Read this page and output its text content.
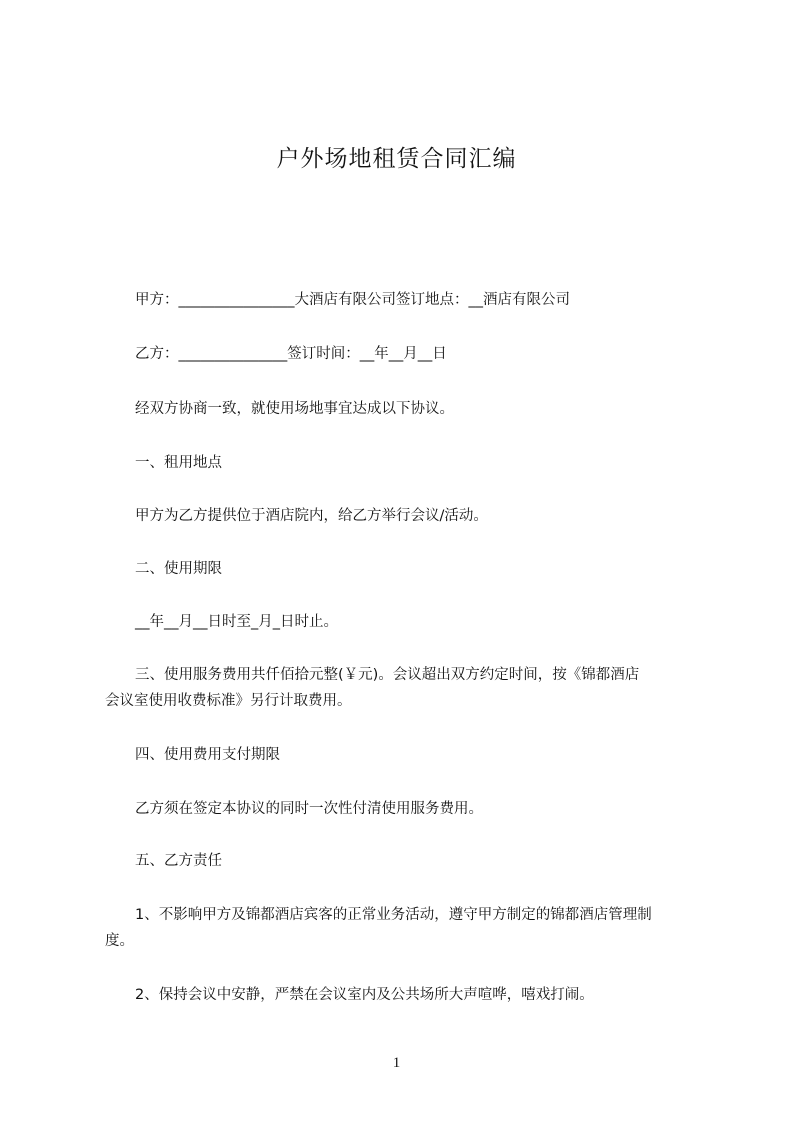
户外场地租赁合同汇编
甲方：________________大酒店有限公司签订地点：__酒店有限公司
乙方：_______________签订时间：__年__月__日
经双方协商一致，就使用场地事宜达成以下协议。
一、租用地点
甲方为乙方提供位于酒店院内，给乙方举行会议/活动。
二、使用期限
__年__月__日时至_月_日时止。
三、使用服务费用共仟佰拾元整(￥元)。会议超出双方约定时间，按《锦都酒店
会议室使用收费标准》另行计取费用。
四、使用费用支付期限
乙方须在签定本协议的同时一次性付清使用服务费用。
五、乙方责任
1、不影响甲方及锦都酒店宾客的正常业务活动，遵守甲方制定的锦都酒店管理制
度。
2、保持会议中安静，严禁在会议室内及公共场所大声喧哗，嘻戏打闹。
1
